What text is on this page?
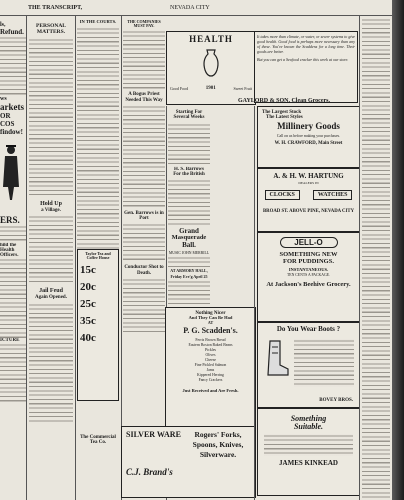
THE TRANSCRIPT,	NEVADA CITY
ls,
Refund.
ws
arkets
OR COS
findow!
ERS.
hild the
Health Officers.
ICTURE
PERSONAL MATTERS.
Hold Up
a Village.
Jail Feud
Again Opened.
IN THE COURTS.
Taylor Tea and Coffee House
15c
20c
25c
35c
40c
The Commercial Tea Co.
THE COMPANIES MUST PAY.
A Bogus Priest Needed This Way
Gen. Barrows is in Port
Conductor Shot to Death.
HEALTH
Good Food	1901	Sweet Fruit
It takes more than climate, or water, or sewer systems to give good health. Good food is perhaps more necessary than any of these. You've known the Scaddens for a long time. Their goods are better.
But you can get a Seafood cracker this week at our store.
GAYLORD & SON, Clean Grocers.
Starting For Several Weeks
H. S. Barrows
For the British
Grand
Masquerade
Ball.
MUSIC JOHN MERRILL
AT ARMORY HALL,
Friday Eve'g April 25
Nothing Nicer
And They Can Be Had
AT
P. G. Scadden's.
Ferris Brown Bread
Eastern Boston Baked Beans
Pickles
Olives
Cheese
Fine Pickled Salmon
Jams
Kippered Herring
Fancy Crackers
Just Received and Are Fresh.
SILVER WARE
C.J. Brand's
Rogers' Forks, Spoons, Knives, Silverware.
The Largest Stock
The Latest Styles
Millinery Goods
Call on us before making your purchases.
W. H. CRAWFORD, Main Street
A. & H. W. HARTUNG
DEALERS IN
CLOCKS	WATCHES
BROAD ST. ABOVE PINE, NEVADA CITY
JELL-O
SOMETHING NEW
FOR PUDDINGS.
INSTANTANEOUS.
TEN CENTS A PACKAGE.
At Jackson's Beehive Grocery.
Do You Wear Boots ?
BOVEY BROS.
Something
Suitable.
JAMES KINKEAD
